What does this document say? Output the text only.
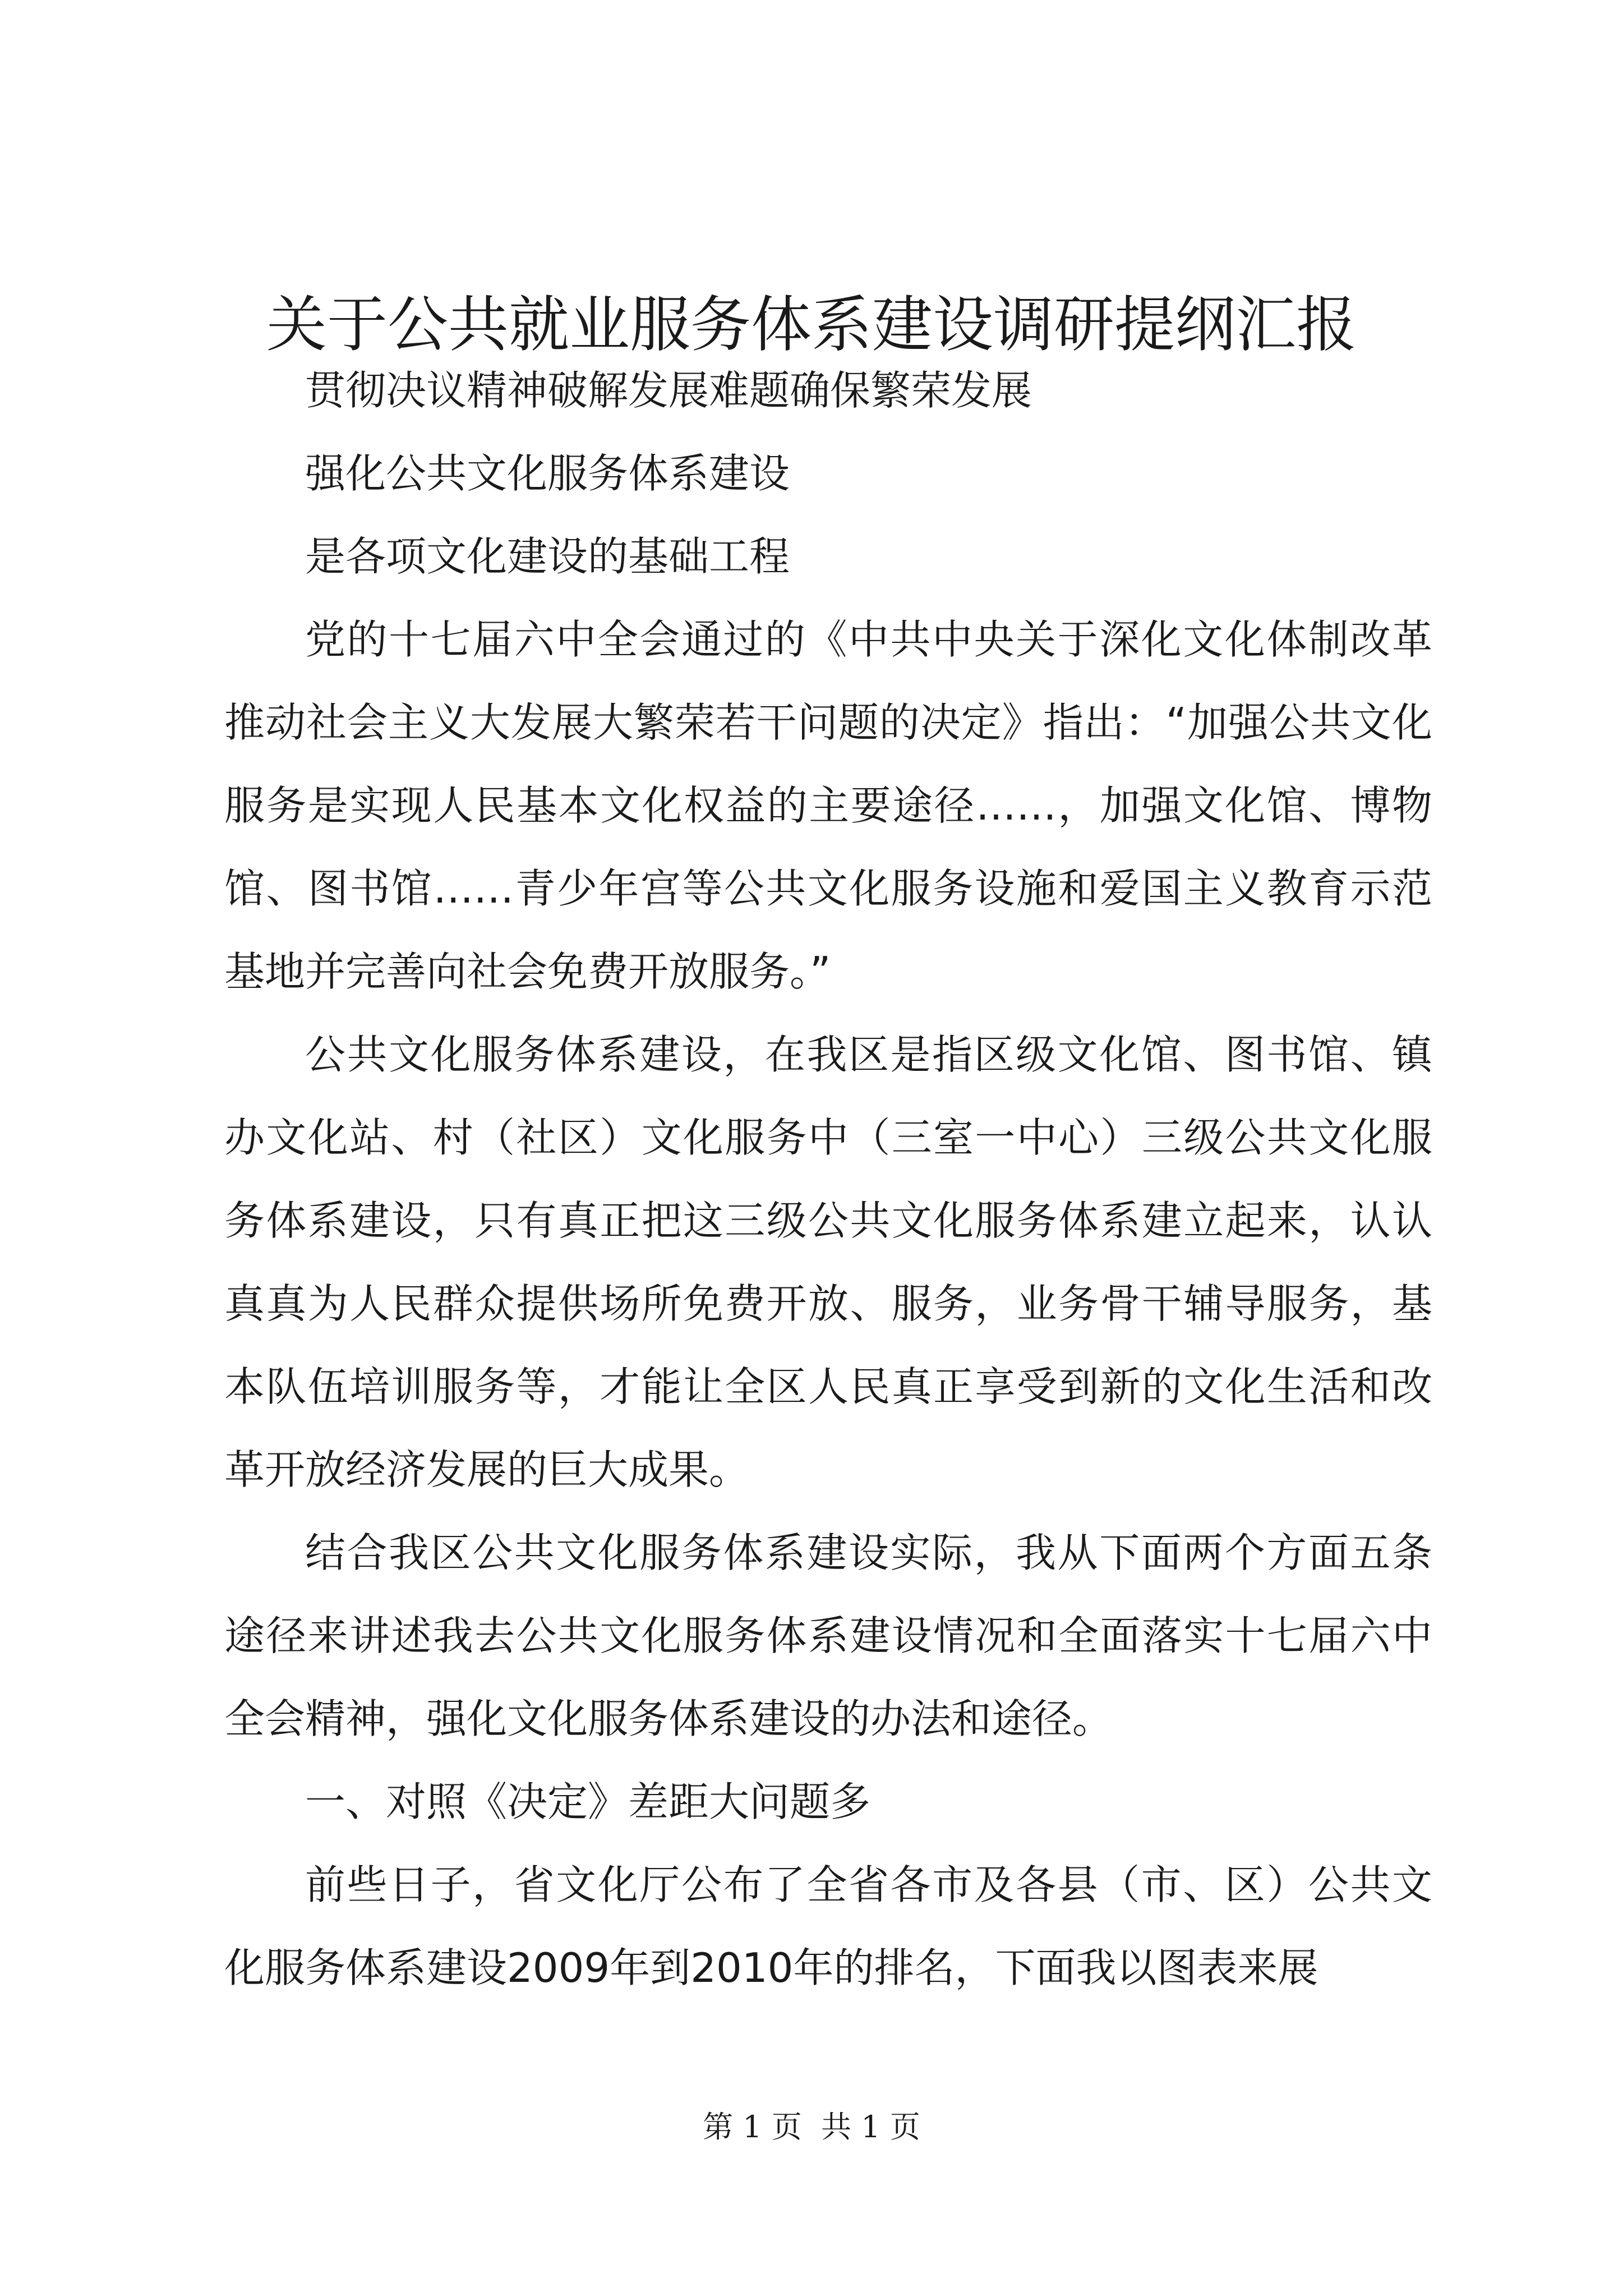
关于公共就业服务体系建设调研提纲汇报

贯彻决议精神破解发展难题确保繁荣发展

强化公共文化服务体系建设

是各项文化建设的基础工程

党的十七届六中全会通过的《中共中央关于深化文化体制改革推动社会主义大发展大繁荣若干问题的决定》指出：“加强公共文化服务是实现人民基本文化权益的主要途径……，加强文化馆、博物馆、图书馆……青少年宫等公共文化服务设施和爱国主义教育示范基地并完善向社会免费开放服务。”

公共文化服务体系建设，在我区是指区级文化馆、图书馆、镇办文化站、村（社区）文化服务中（三室一中心）三级公共文化服务体系建设，只有真正把这三级公共文化服务体系建立起来，认认真真为人民群众提供场所免费开放、服务，业务骨干辅导服务，基本队伍培训服务等，才能让全区人民真正享受到新的文化生活和改革开放经济发展的巨大成果。

结合我区公共文化服务体系建设实际，我从下面两个方面五条途径来讲述我去公共文化服务体系建设情况和全面落实十七届六中全会精神，强化文化服务体系建设的办法和途径。

一、对照《决定》差距大问题多

前些日子，省文化厅公布了全省各市及各县（市、区）公共文化服务体系建设2009年到2010年的排名，下面我以图表来展

第 1 页  共 1 页
